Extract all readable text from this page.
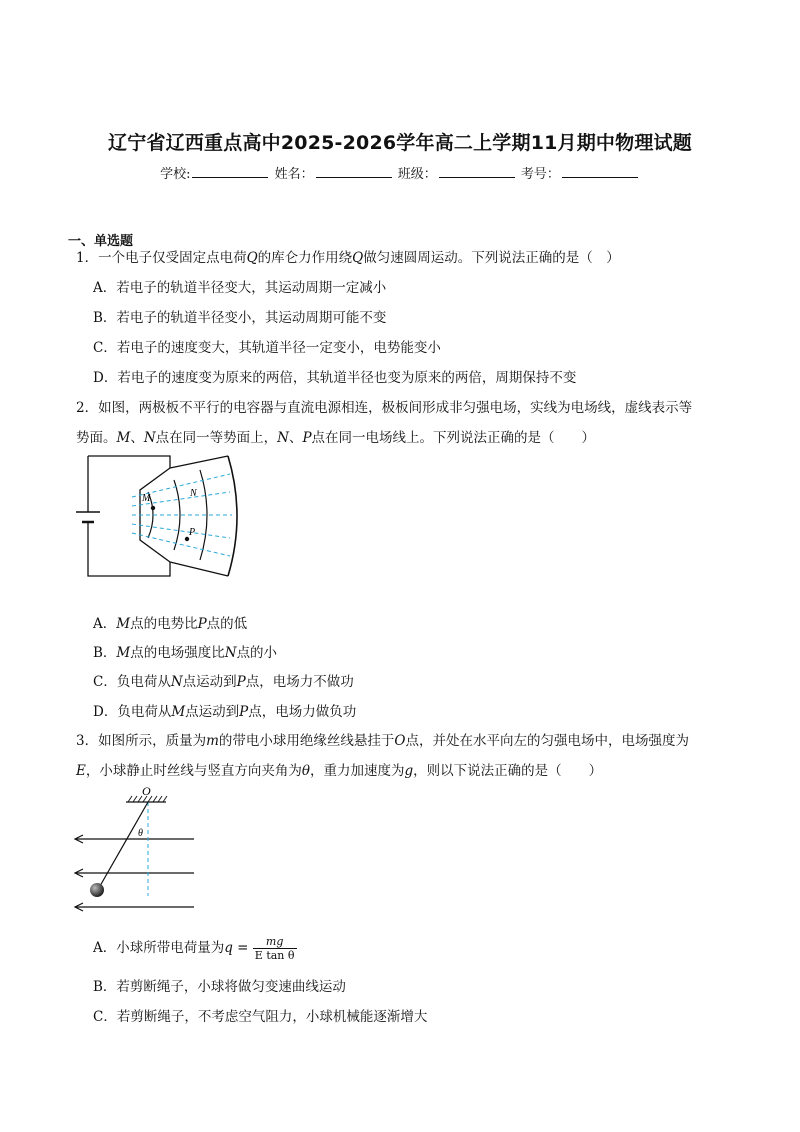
辽宁省辽西重点高中2025-2026学年高二上学期11月期中物理试题
学校:	姓名：	班级：	考号：
一、单选题
1．一个电子仅受固定点电荷Q的库仑力作用绕Q做匀速圆周运动。下列说法正确的是（　）
A．若电子的轨道半径变大，其运动周期一定减小
B．若电子的轨道半径变小，其运动周期可能不变
C．若电子的速度变大，其轨道半径一定变小，电势能变小
D．若电子的速度变为原来的两倍，其轨道半径也变为原来的两倍，周期保持不变
2．如图，两极板不平行的电容器与直流电源相连，极板间形成非匀强电场，实线为电场线，虚线表示等
势面。M、N点在同一等势面上，N、P点在同一电场线上。下列说法正确的是（　　）
M	N
P
A．M点的电势比P点的低
B．M点的电场强度比N点的小
C．负电荷从N点运动到P点，电场力不做功
D．负电荷从M点运动到P点，电场力做负功
3．如图所示，质量为m的带电小球用绝缘丝线悬挂于O点，并处在水平向左的匀强电场中，电场强度为
E，小球静止时丝线与竖直方向夹角为θ，重力加速度为g，则以下说法正确的是（　　）
O
θ
A．小球所带电荷量为$q = \frac{mg}{\text{E tan θ}}$
B．若剪断绳子，小球将做匀变速曲线运动
C．若剪断绳子，不考虑空气阻力，小球机械能逐渐增大
